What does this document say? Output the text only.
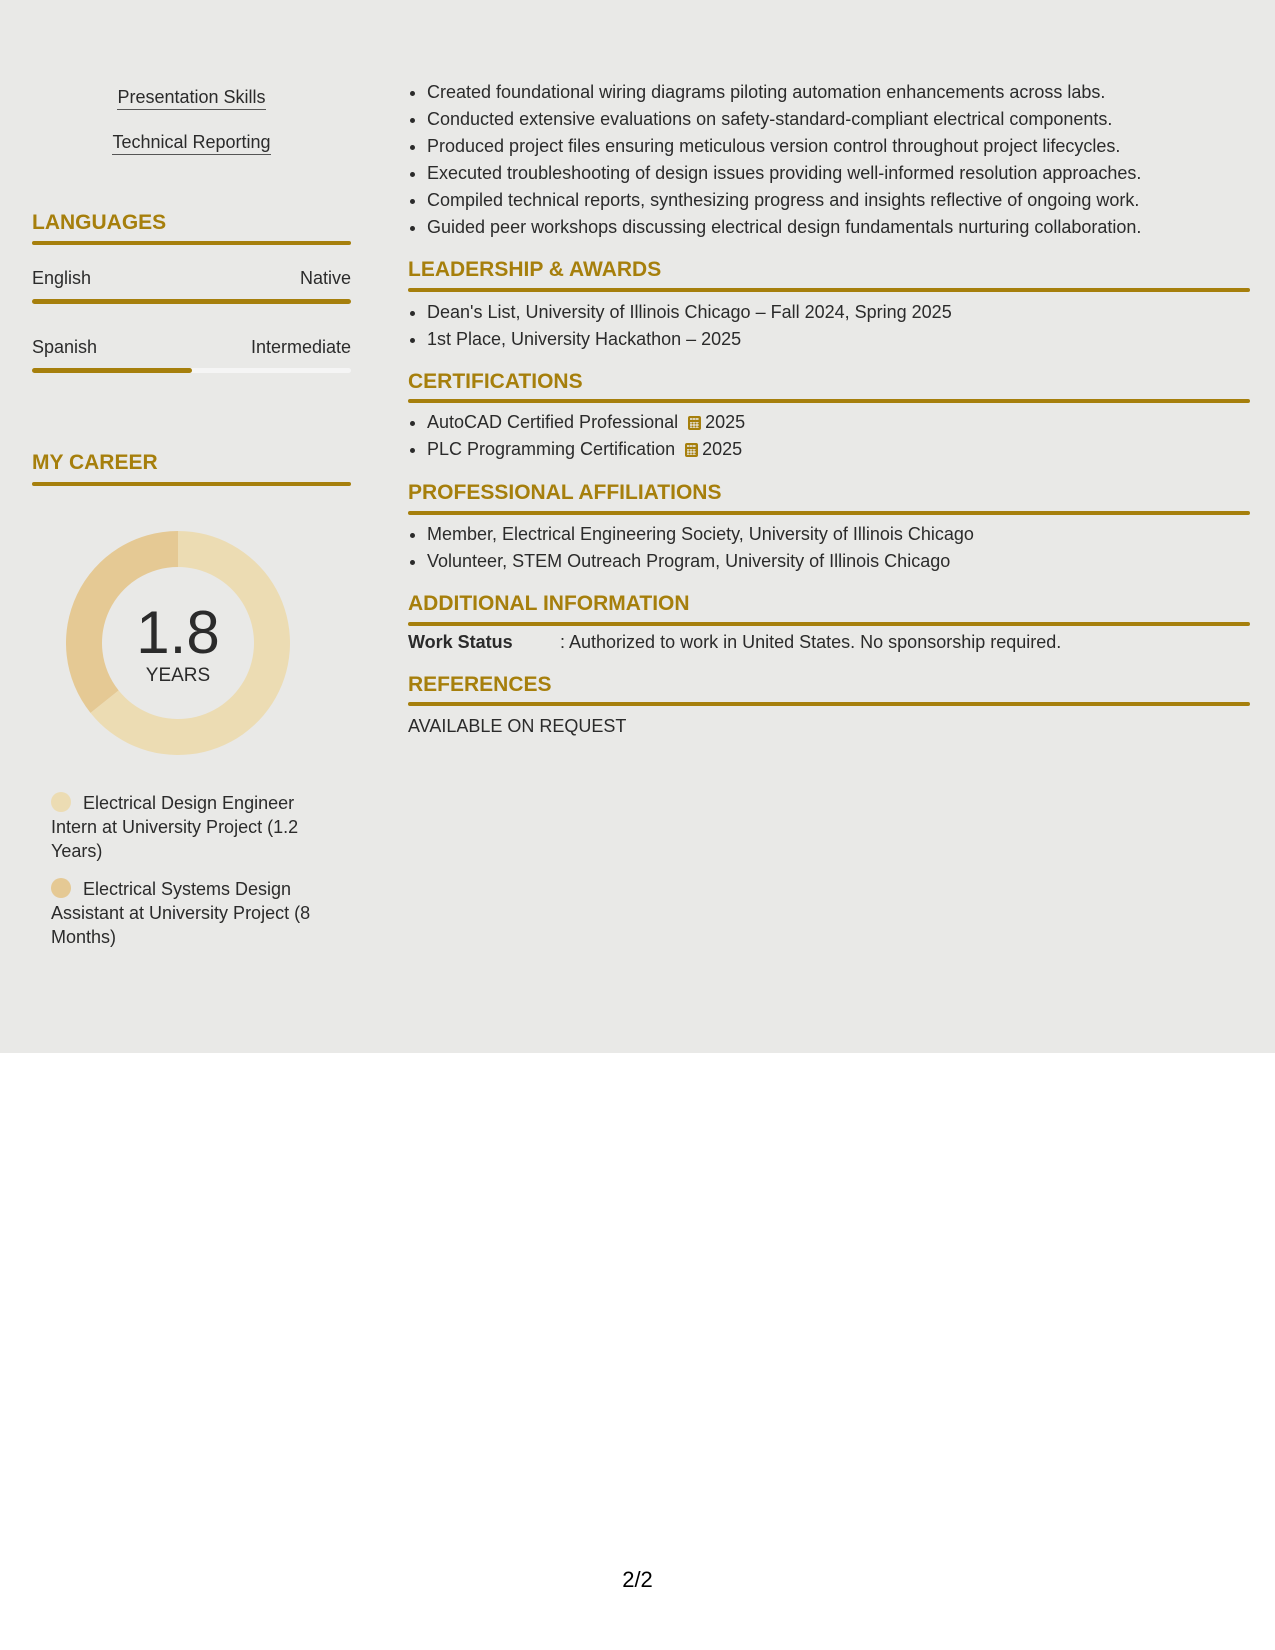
Presentation Skills
Technical Reporting
LANGUAGES
English	Native
Spanish	Intermediate
MY CAREER
1.8
YEARS
Electrical Design Engineer Intern at University Project (1.2 Years)
Electrical Systems Design Assistant at University Project (8 Months)
• Created foundational wiring diagrams piloting automation enhancements across labs.
• Conducted extensive evaluations on safety-standard-compliant electrical components.
• Produced project files ensuring meticulous version control throughout project lifecycles.
• Executed troubleshooting of design issues providing well-informed resolution approaches.
• Compiled technical reports, synthesizing progress and insights reflective of ongoing work.
• Guided peer workshops discussing electrical design fundamentals nurturing collaboration.
LEADERSHIP & AWARDS
• Dean's List, University of Illinois Chicago – Fall 2024, Spring 2025
• 1st Place, University Hackathon – 2025
CERTIFICATIONS
• AutoCAD Certified Professional 2025
• PLC Programming Certification 2025
PROFESSIONAL AFFILIATIONS
• Member, Electrical Engineering Society, University of Illinois Chicago
• Volunteer, STEM Outreach Program, University of Illinois Chicago
ADDITIONAL INFORMATION
Work Status	: Authorized to work in United States. No sponsorship required.
REFERENCES
AVAILABLE ON REQUEST
2/2
